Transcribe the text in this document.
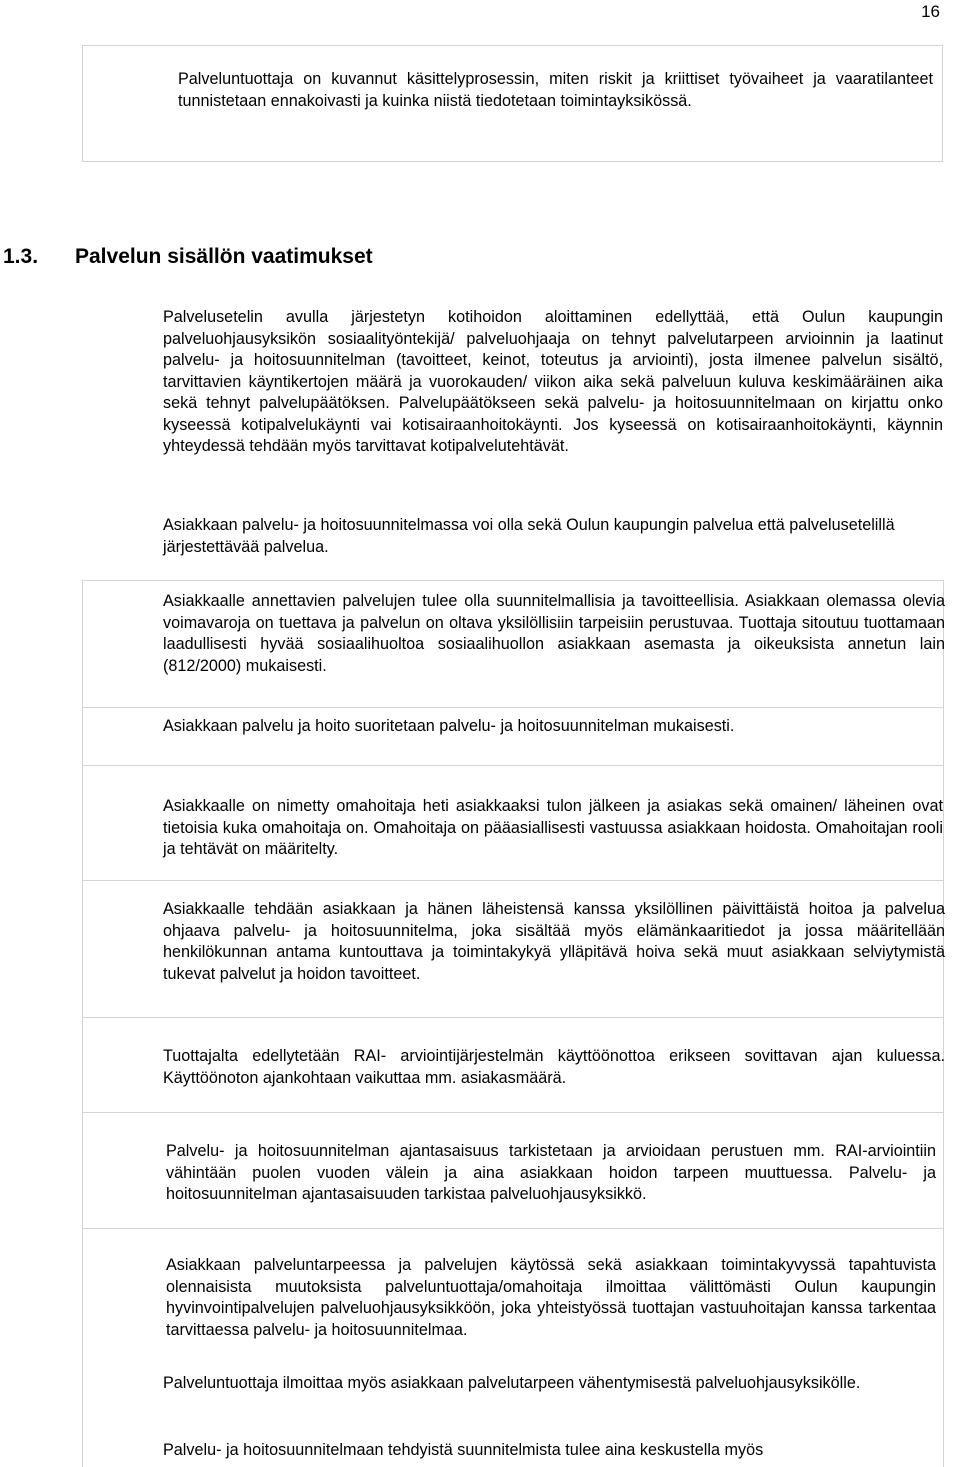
16

Palveluntuottaja on kuvannut käsittelyprosessin, miten riskit ja kriittiset työvaiheet ja vaaratilanteet tunnistetaan ennakoivasti ja kuinka niistä tiedotetaan toimintayksikössä.

1.3. Palvelun sisällön vaatimukset

Palvelusetelin avulla järjestetyn kotihoidon aloittaminen edellyttää, että Oulun kaupungin palveluohjausyksikön sosiaalityöntekijä/ palveluohjaaja on tehnyt palvelutarpeen arvioinnin ja laatinut palvelu- ja hoitosuunnitelman (tavoitteet, keinot, toteutus ja arviointi), josta ilmenee palvelun sisältö, tarvittavien käyntikertojen määrä ja vuorokauden/ viikon aika sekä palveluun kuluva keskimääräinen aika sekä tehnyt palvelupäätöksen. Palvelupäätökseen sekä palvelu- ja hoitosuunnitelmaan on kirjattu onko kyseessä kotipalvelukäynti vai kotisairaanhoitokäynti. Jos kyseessä on kotisairaanhoitokäynti, käynnin yhteydessä tehdään myös tarvittavat kotipalvelutehtävät.

Asiakkaan palvelu- ja hoitosuunnitelmassa voi olla sekä Oulun kaupungin palvelua että palvelusetelillä järjestettävää palvelua.

Asiakkaalle annettavien palvelujen tulee olla suunnitelmallisia ja tavoitteellisia. Asiakkaan olemassa olevia voimavaroja on tuettava ja palvelun on oltava yksilöllisiin tarpeisiin perustuvaa. Tuottaja sitoutuu tuottamaan laadullisesti hyvää sosiaalihuoltoa sosiaalihuollon asiakkaan asemasta ja oikeuksista annetun lain (812/2000) mukaisesti.

Asiakkaan palvelu ja hoito suoritetaan palvelu- ja hoitosuunnitelman mukaisesti.

Asiakkaalle on nimetty omahoitaja heti asiakkaaksi tulon jälkeen ja asiakas sekä omainen/ läheinen ovat tietoisia kuka omahoitaja on. Omahoitaja on pääasiallisesti vastuussa asiakkaan hoidosta. Omahoitajan rooli ja tehtävät on määritelty.

Asiakkaalle tehdään asiakkaan ja hänen läheistensä kanssa yksilöllinen päivittäistä hoitoa ja palvelua ohjaava palvelu- ja hoitosuunnitelma, joka sisältää myös elämänkaaritiedot ja jossa määritellään henkilökunnan antama kuntouttava ja toimintakykyä ylläpitävä hoiva sekä muut asiakkaan selviytymistä tukevat palvelut ja hoidon tavoitteet.

Tuottajalta edellytetään RAI- arviointijärjestelmän käyttöönottoa erikseen sovittavan ajan kuluessa. Käyttöönoton ajankohtaan vaikuttaa mm. asiakasmäärä.

Palvelu- ja hoitosuunnitelman ajantasaisuus tarkistetaan ja arvioidaan perustuen mm. RAI-arviointiin vähintään puolen vuoden välein ja aina asiakkaan hoidon tarpeen muuttuessa. Palvelu- ja hoitosuunnitelman ajantasaisuuden tarkistaa palveluohjausyksikkö.

Asiakkaan palveluntarpeessa ja palvelujen käytössä sekä asiakkaan toimintakyvyssä tapahtuvista olennaisista muutoksista palveluntuottaja/omahoitaja ilmoittaa välittömästi Oulun kaupungin hyvinvointipalvelujen palveluohjausyksikköön, joka yhteistyössä tuottajan vastuuhoitajan kanssa tarkentaa tarvittaessa palvelu- ja hoitosuunnitelmaa.

Palveluntuottaja ilmoittaa myös asiakkaan palvelutarpeen vähentymisestä palveluohjausyksikölle.

Palvelu- ja hoitosuunnitelmaan tehdyistä suunnitelmista tulee aina keskustella myös
